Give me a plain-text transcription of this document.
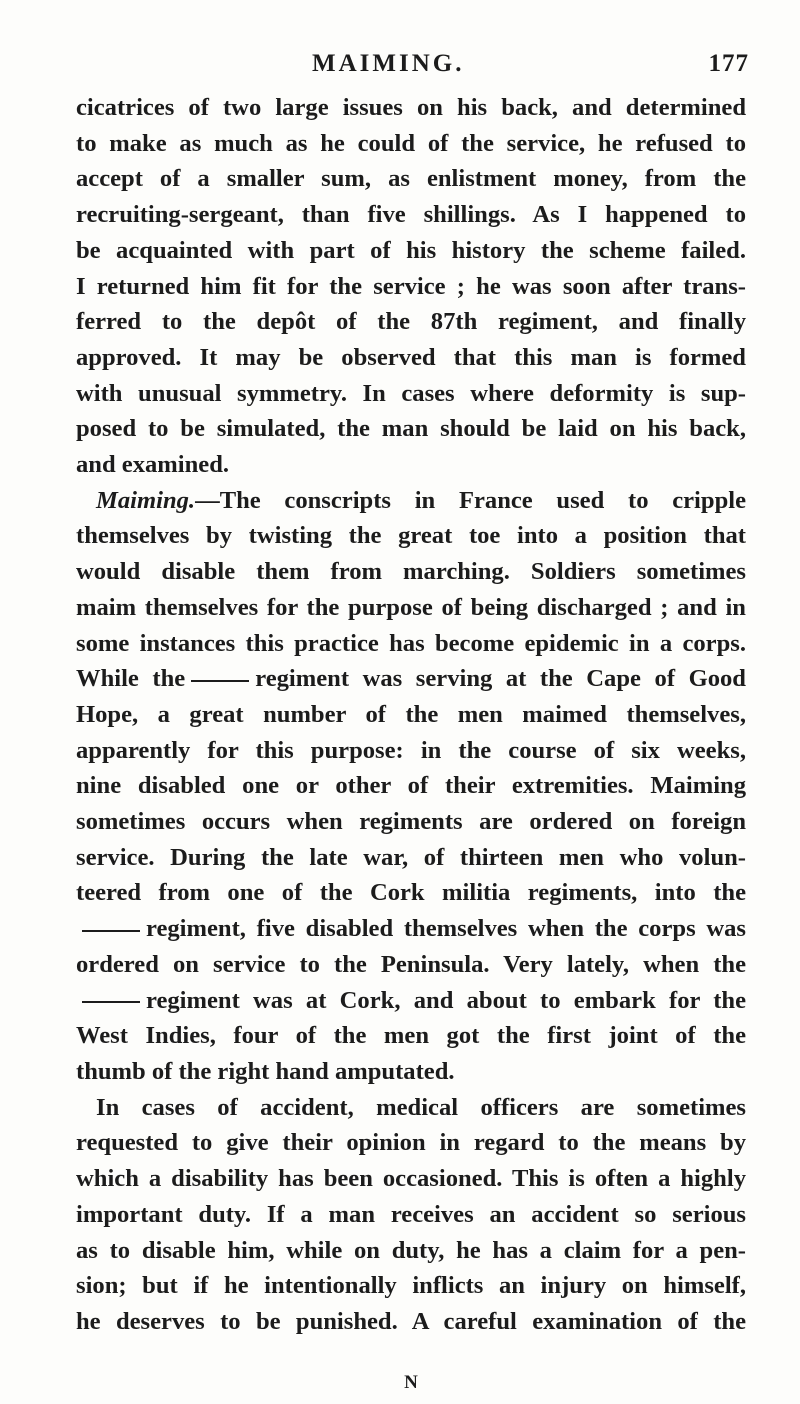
MAIMING.	177

cicatrices of two large issues on his back, and determined
to make as much as he could of the service, he refused to
accept of a smaller sum, as enlistment money, from the
recruiting-sergeant, than five shillings. As I happened to
be acquainted with part of his history the scheme failed.
I returned him fit for the service ; he was soon after trans-
ferred to the depôt of the 87th regiment, and finally
approved. It may be observed that this man is formed
with unusual symmetry. In cases where deformity is sup-
posed to be simulated, the man should be laid on his back,
and examined.

Maiming.—The conscripts in France used to cripple
themselves by twisting the great toe into a position that
would disable them from marching. Soldiers sometimes
maim themselves for the purpose of being discharged ; and in
some instances this practice has become epidemic in a corps.
While the	regiment was serving at the Cape of Good
Hope, a great number of the men maimed themselves,
apparently for this purpose: in the course of six weeks,
nine disabled one or other of their extremities. Maiming
sometimes occurs when regiments are ordered on foreign
service. During the late war, of thirteen men who volun-
teered from one of the Cork militia regiments, into the
regiment, five disabled themselves when the corps was
ordered on service to the Peninsula. Very lately, when the
regiment was at Cork, and about to embark for the
West Indies, four of the men got the first joint of the
thumb of the right hand amputated.

In cases of accident, medical officers are sometimes
requested to give their opinion in regard to the means by
which a disability has been occasioned. This is often a highly
important duty. If a man receives an accident so serious
as to disable him, while on duty, he has a claim for a pen-
sion; but if he intentionally inflicts an injury on himself,
he deserves to be punished. A careful examination of the

N
